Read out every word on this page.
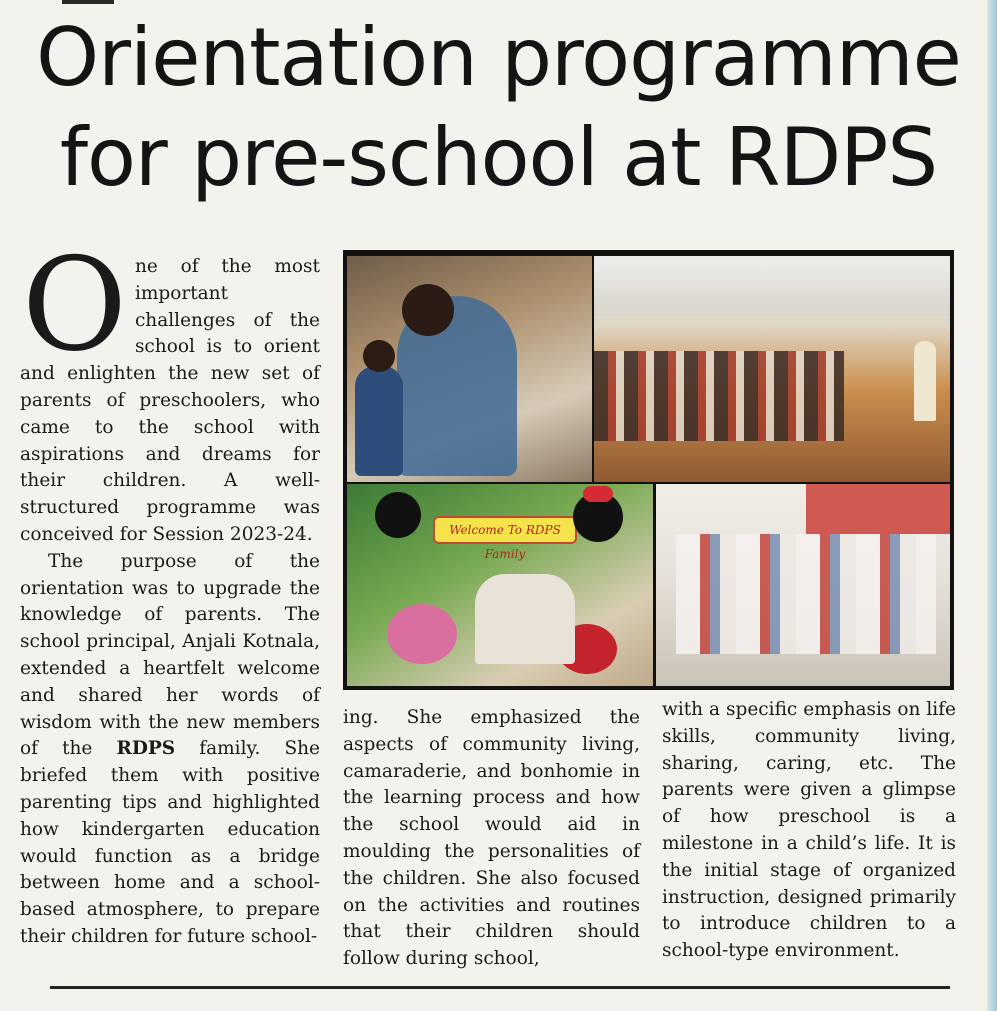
Orientation programme
for pre-school at RDPS

One of the most important challenges of the school is to orient and enlighten the new set of parents of preschoolers, who came to the school with aspirations and dreams for their children. A well-structured programme was conceived for Session 2023-24.

The purpose of the orientation was to upgrade the knowledge of parents. The school principal, Anjali Kotnala, extended a heartfelt welcome and shared her words of wisdom with the new members of the RDPS family. She briefed them with positive parenting tips and highlighted how kindergarten education would function as a bridge between home and a school-based atmosphere, to prepare their children for future school-

Welcome To RDPS Family

ing. She emphasized the aspects of community living, camaraderie, and bonhomie in the learning process and how the school would aid in moulding the personalities of the children. She also focused on the activities and routines that their children should follow during school,

with a specific emphasis on life skills, community living, sharing, caring, etc. The parents were given a glimpse of how preschool is a milestone in a child’s life. It is the initial stage of organized instruction, designed primarily to introduce children to a school-type environment.
